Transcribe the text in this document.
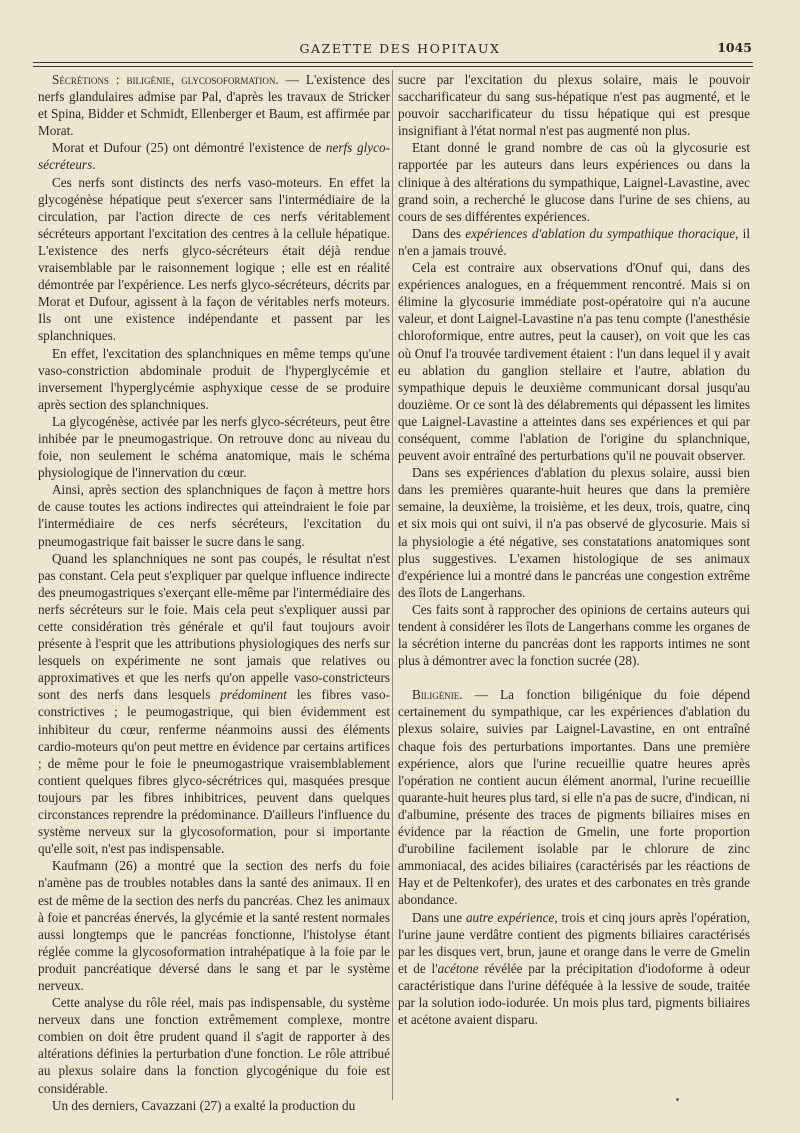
GAZETTE DES HOPITAUX	1045

Sécrétions : biligénie, glycosoformation. — L'existence des nerfs glandulaires admise par Pal, d'après les travaux de Stricker et Spina, Bidder et Schmidt, Ellenberger et Baum, est affirmée par Morat.

Morat et Dufour (25) ont démontré l'existence de nerfs glyco-sécréteurs.

Ces nerfs sont distincts des nerfs vaso-moteurs. En effet la glycogénèse hépatique peut s'exercer sans l'intermédiaire de la circulation, par l'action directe de ces nerfs véritablement sécréteurs apportant l'excitation des centres à la cellule hépatique. L'existence des nerfs glyco-sécréteurs était déjà rendue vraisemblable par le raisonnement logique ; elle est en réalité démontrée par l'expérience. Les nerfs glyco-sécréteurs, décrits par Morat et Dufour, agissent à la façon de véritables nerfs moteurs. Ils ont une existence indépendante et passent par les splanchniques.

En effet, l'excitation des splanchniques en même temps qu'une vaso-constriction abdominale produit de l'hyperglycémie et inversement l'hyperglycémie asphyxique cesse de se produire après section des splanchniques.

La glycogénèse, activée par les nerfs glyco-sécréteurs, peut être inhibée par le pneumogastrique. On retrouve donc au niveau du foie, non seulement le schéma anatomique, mais le schéma physiologique de l'innervation du cœur.

Ainsi, après section des splanchniques de façon à mettre hors de cause toutes les actions indirectes qui atteindraient le foie par l'intermédiaire de ces nerfs sécréteurs, l'excitation du pneumogastrique fait baisser le sucre dans le sang.

Quand les splanchniques ne sont pas coupés, le résultat n'est pas constant. Cela peut s'expliquer par quelque influence indirecte des pneumogastriques s'exerçant elle-même par l'intermédiaire des nerfs sécréteurs sur le foie. Mais cela peut s'expliquer aussi par cette considération très générale et qu'il faut toujours avoir présente à l'esprit que les attributions physiologiques des nerfs sur lesquels on expérimente ne sont jamais que relatives ou approximatives et que les nerfs qu'on appelle vaso-constricteurs sont des nerfs dans lesquels prédominent les fibres vaso-constrictives ; le peumogastrique, qui bien évidemment est inhibiteur du cœur, renferme néanmoins aussi des éléments cardio-moteurs qu'on peut mettre en évidence par certains artifices ; de même pour le foie le pneumogastrique vraisemblablement contient quelques fibres glyco-sécrétrices qui, masquées presque toujours par les fibres inhibitrices, peuvent dans quelques circonstances reprendre la prédominance. D'ailleurs l'influence du système nerveux sur la glycosoformation, pour si importante qu'elle soit, n'est pas indispensable.

Kaufmann (26) a montré que la section des nerfs du foie n'amène pas de troubles notables dans la santé des animaux. Il en est de même de la section des nerfs du pancréas. Chez les animaux à foie et pancréas énervés, la glycémie et la santé restent normales aussi longtemps que le pancréas fonctionne, l'histolyse étant réglée comme la glycosoformation intrahépatique à la foie par le produit pancréatique déversé dans le sang et par le système nerveux.

Cette analyse du rôle réel, mais pas indispensable, du système nerveux dans une fonction extrêmement complexe, montre combien on doit être prudent quand il s'agit de rapporter à des altérations définies la perturbation d'une fonction. Le rôle attribué au plexus solaire dans la fonction glycogénique du foie est considérable.

Un des derniers, Cavazzani (27) a exalté la production du

sucre par l'excitation du plexus solaire, mais le pouvoir saccharificateur du sang sus-hépatique n'est pas augmenté, et le pouvoir saccharificateur du tissu hépatique qui est presque insignifiant à l'état normal n'est pas augmenté non plus.

Etant donné le grand nombre de cas où la glycosurie est rapportée par les auteurs dans leurs expériences ou dans la clinique à des altérations du sympathique, Laignel-Lavastine, avec grand soin, a recherché le glucose dans l'urine de ses chiens, au cours de ses différentes expériences.

Dans des expériences d'ablation du sympathique thoracique, il n'en a jamais trouvé.

Cela est contraire aux observations d'Onuf qui, dans des expériences analogues, en a fréquemment rencontré. Mais si on élimine la glycosurie immédiate post-opératoire qui n'a aucune valeur, et dont Laignel-Lavastine n'a pas tenu compte (l'anesthésie chloroformique, entre autres, peut la causer), on voit que les cas où Onuf l'a trouvée tardivement étaient : l'un dans lequel il y avait eu ablation du ganglion stellaire et l'autre, ablation du sympathique depuis le deuxième communicant dorsal jusqu'au douzième. Or ce sont là des délabrements qui dépassent les limites que Laignel-Lavastine a atteintes dans ses expériences et qui par conséquent, comme l'ablation de l'origine du splanchnique, peuvent avoir entraîné des perturbations qu'il ne pouvait observer.

Dans ses expériences d'ablation du plexus solaire, aussi bien dans les premières quarante-huit heures que dans la première semaine, la deuxième, la troisième, et les deux, trois, quatre, cinq et six mois qui ont suivi, il n'a pas observé de glycosurie. Mais si la physiologie a été négative, ses constatations anatomiques sont plus suggestives. L'examen histologique de ses animaux d'expérience lui a montré dans le pancréas une congestion extrême des îlots de Langerhans.

Ces faits sont à rapprocher des opinions de certains auteurs qui tendent à considérer les îlots de Langerhans comme les organes de la sécrétion interne du pancréas dont les rapports intimes ne sont plus à démontrer avec la fonction sucrée (28).

Biligénie. — La fonction biligénique du foie dépend certainement du sympathique, car les expériences d'ablation du plexus solaire, suivies par Laignel-Lavastine, en ont entraîné chaque fois des perturbations importantes. Dans une première expérience, alors que l'urine recueillie quatre heures après l'opération ne contient aucun élément anormal, l'urine recueillie quarante-huit heures plus tard, si elle n'a pas de sucre, d'indican, ni d'albumine, présente des traces de pigments biliaires mises en évidence par la réaction de Gmelin, une forte proportion d'urobiline facilement isolable par le chlorure de zinc ammoniacal, des acides biliaires (caractérisés par les réactions de Hay et de Peltenkofer), des urates et des carbonates en très grande abondance.

Dans une autre expérience, trois et cinq jours après l'opération, l'urine jaune verdâtre contient des pigments biliaires caractérisés par les disques vert, brun, jaune et orange dans le verre de Gmelin et de l'acétone révélée par la précipitation d'iodoforme à odeur caractéristique dans l'urine déféquée à la lessive de soude, traitée par la solution iodo-iodurée. Un mois plus tard, pigments biliaires et acétone avaient disparu.
